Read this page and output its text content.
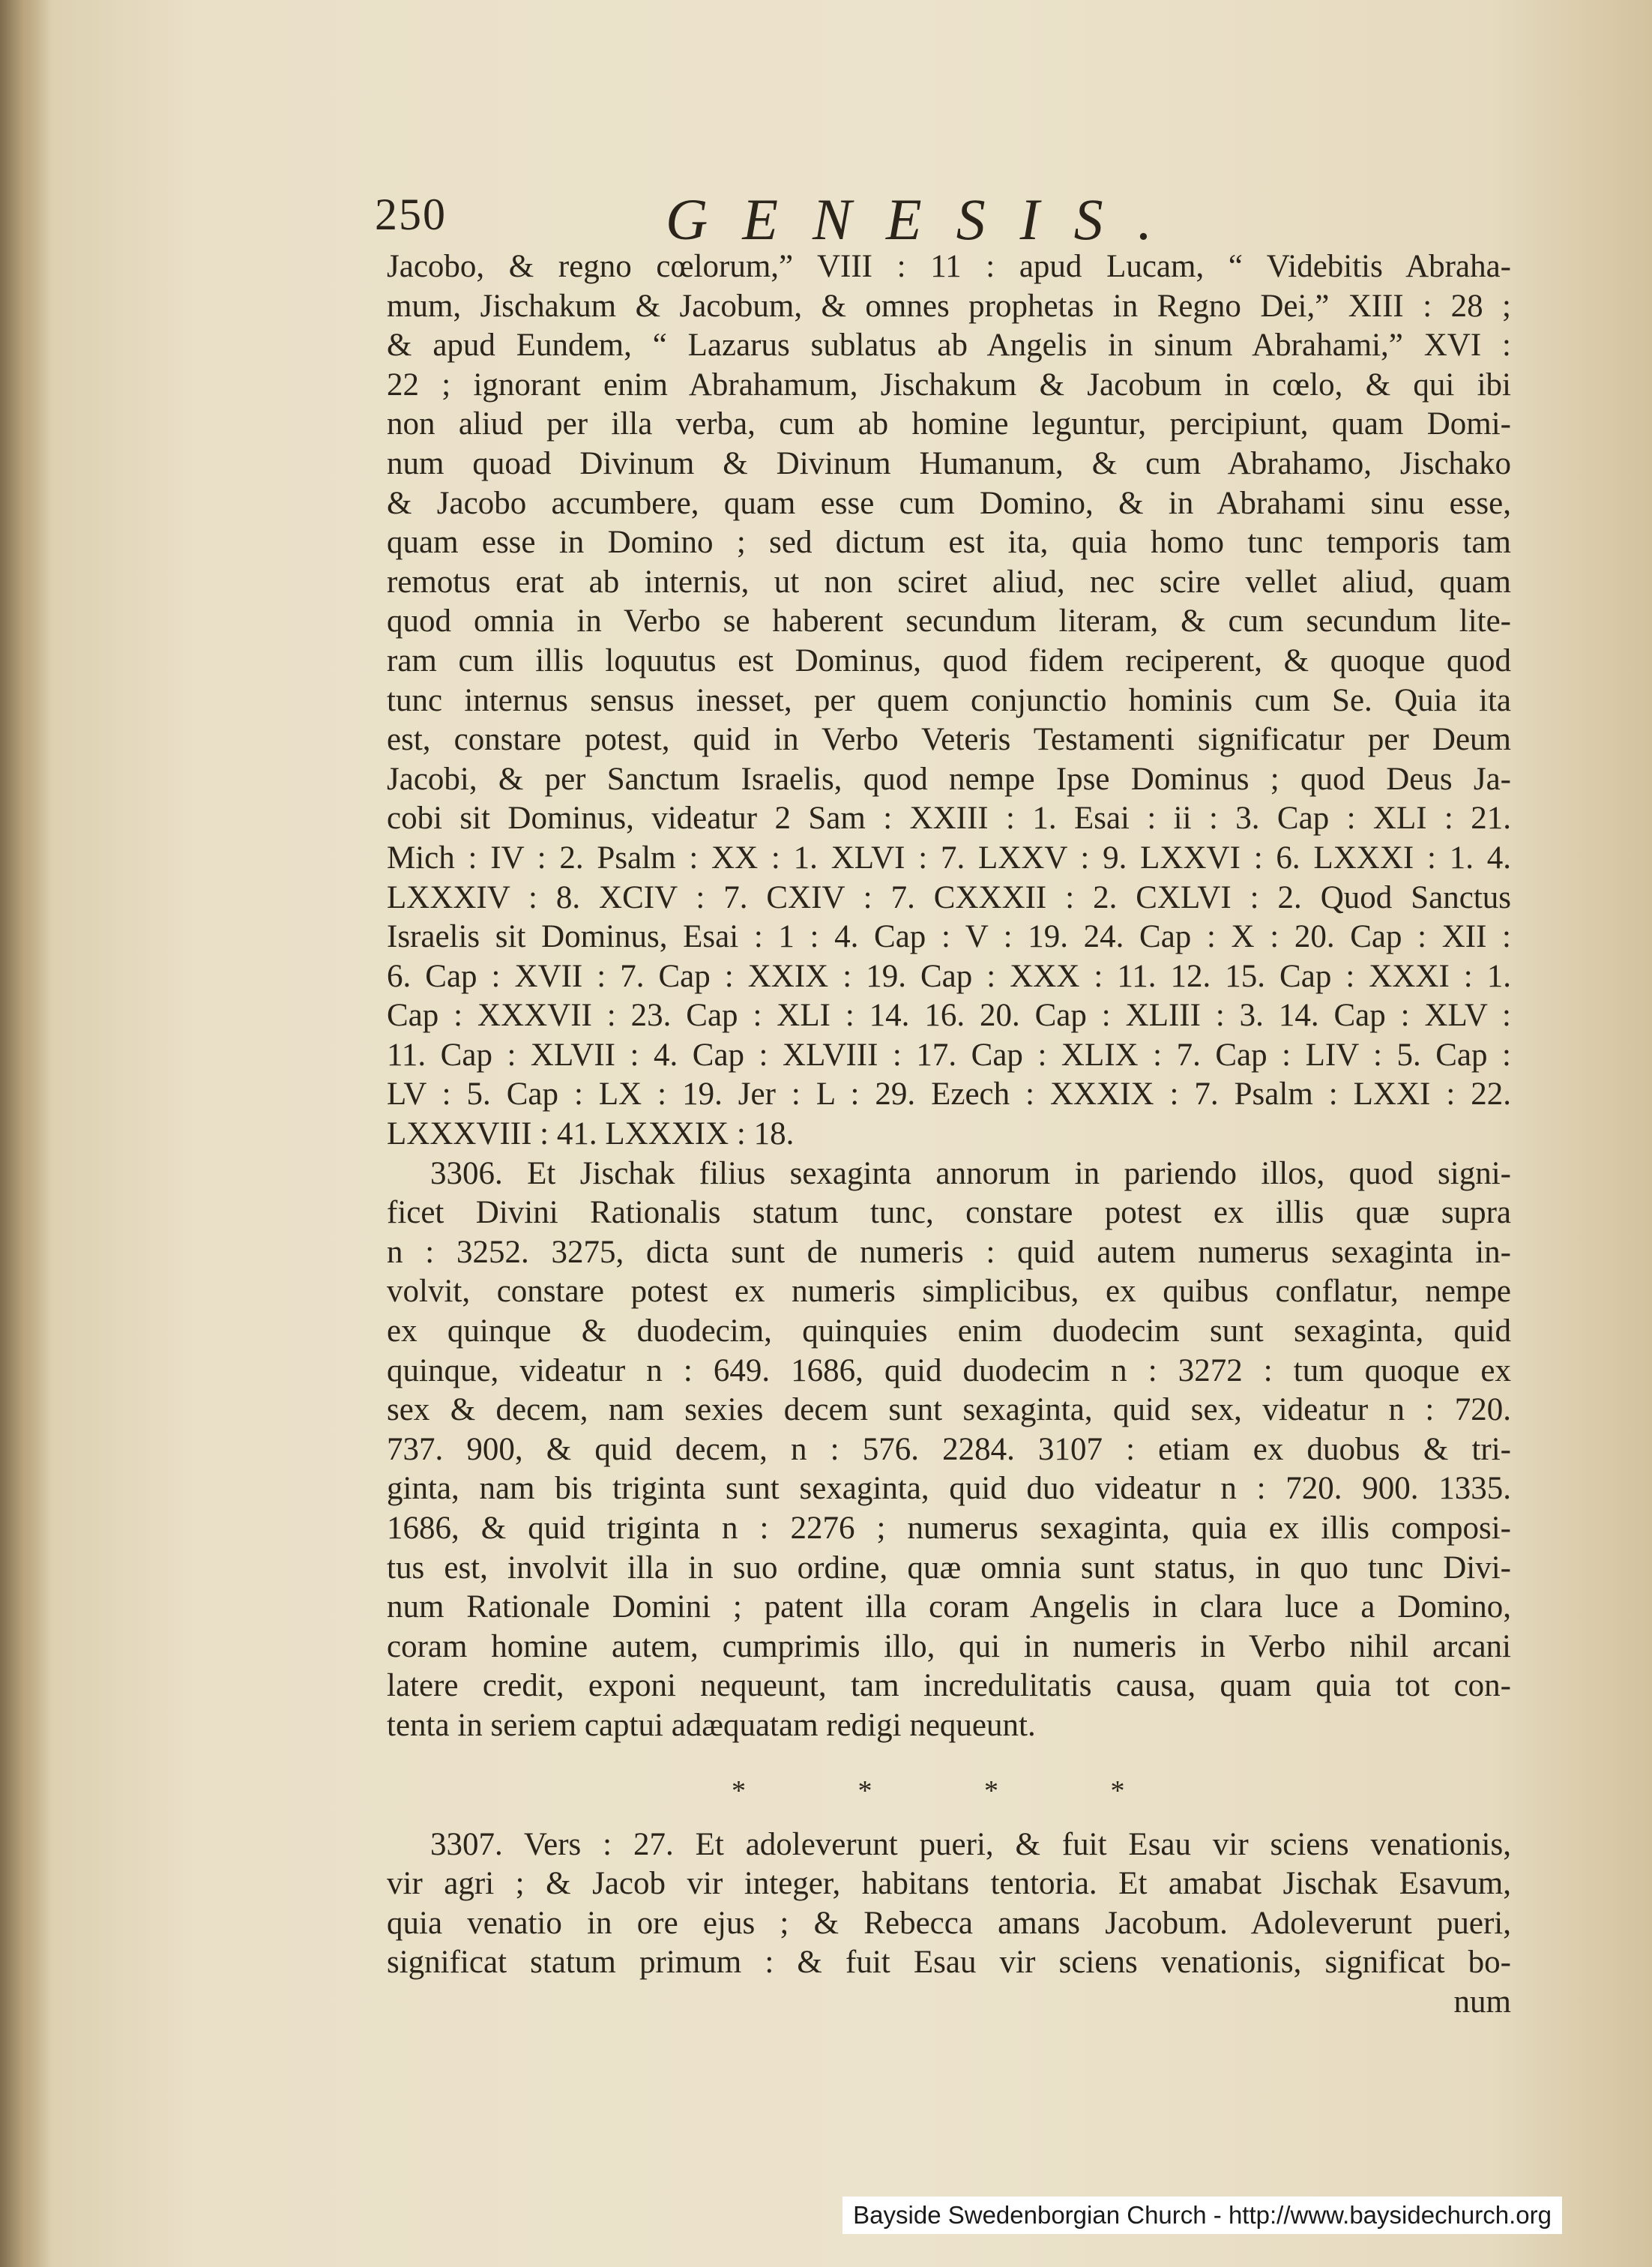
250	GENESIS.
Jacobo, & regno cœlorum,” VIII : 11 : apud Lucam, “ Videbitis Abraha-
mum, Jischakum & Jacobum, & omnes prophetas in Regno Dei,” XIII : 28 ;
& apud Eundem, “ Lazarus sublatus ab Angelis in sinum Abrahami,” XVI :
22 ; ignorant enim Abrahamum, Jischakum & Jacobum in cœlo, & qui ibi
non aliud per illa verba, cum ab homine leguntur, percipiunt, quam Domi-
num quoad Divinum & Divinum Humanum, & cum Abrahamo, Jischako
& Jacobo accumbere, quam esse cum Domino, & in Abrahami sinu esse,
quam esse in Domino ; sed dictum est ita, quia homo tunc temporis tam
remotus erat ab internis, ut non sciret aliud, nec scire vellet aliud, quam
quod omnia in Verbo se haberent secundum literam, & cum secundum lite-
ram cum illis loquutus est Dominus, quod fidem reciperent, & quoque quod
tunc internus sensus inesset, per quem conjunctio hominis cum Se. Quia ita
est, constare potest, quid in Verbo Veteris Testamenti significatur per Deum
Jacobi, & per Sanctum Israelis, quod nempe Ipse Dominus ; quod Deus Ja-
cobi sit Dominus, videatur 2 Sam : XXIII : 1. Esai : ii : 3. Cap : XLI : 21.
Mich : IV : 2. Psalm : XX : 1. XLVI : 7. LXXV : 9. LXXVI : 6. LXXXI : 1. 4.
LXXXIV : 8. XCIV : 7. CXIV : 7. CXXXII : 2. CXLVI : 2. Quod Sanctus
Israelis sit Dominus, Esai : 1 : 4. Cap : V : 19. 24. Cap : X : 20. Cap : XII :
6. Cap : XVII : 7. Cap : XXIX : 19. Cap : XXX : 11. 12. 15. Cap : XXXI : 1.
Cap : XXXVII : 23. Cap : XLI : 14. 16. 20. Cap : XLIII : 3. 14. Cap : XLV :
11. Cap : XLVII : 4. Cap : XLVIII : 17. Cap : XLIX : 7. Cap : LIV : 5. Cap :
LV : 5. Cap : LX : 19. Jer : L : 29. Ezech : XXXIX : 7. Psalm : LXXI : 22.
LXXXVIII : 41. LXXXIX : 18.
3306. Et Jischak filius sexaginta annorum in pariendo illos, quod signi-
ficet Divini Rationalis statum tunc, constare potest ex illis quæ supra
n : 3252. 3275, dicta sunt de numeris : quid autem numerus sexaginta in-
volvit, constare potest ex numeris simplicibus, ex quibus conflatur, nempe
ex quinque & duodecim, quinquies enim duodecim sunt sexaginta, quid
quinque, videatur n : 649. 1686, quid duodecim n : 3272 : tum quoque ex
sex & decem, nam sexies decem sunt sexaginta, quid sex, videatur n : 720.
737. 900, & quid decem, n : 576. 2284. 3107 : etiam ex duobus & tri-
ginta, nam bis triginta sunt sexaginta, quid duo videatur n : 720. 900. 1335.
1686, & quid triginta n : 2276 ; numerus sexaginta, quia ex illis composi-
tus est, involvit illa in suo ordine, quæ omnia sunt status, in quo tunc Divi-
num Rationale Domini ; patent illa coram Angelis in clara luce a Domino,
coram homine autem, cumprimis illo, qui in numeris in Verbo nihil arcani
latere credit, exponi nequeunt, tam incredulitatis causa, quam quia tot con-
tenta in seriem captui adæquatam redigi nequeunt.
* * * *
3307. Vers : 27. Et adoleverunt pueri, & fuit Esau vir sciens venationis,
vir agri ; & Jacob vir integer, habitans tentoria. Et amabat Jischak Esavum,
quia venatio in ore ejus ; & Rebecca amans Jacobum. Adoleverunt pueri,
significat statum primum : & fuit Esau vir sciens venationis, significat bo-
num
Bayside Swedenborgian Church - http://www.baysidechurch.org
